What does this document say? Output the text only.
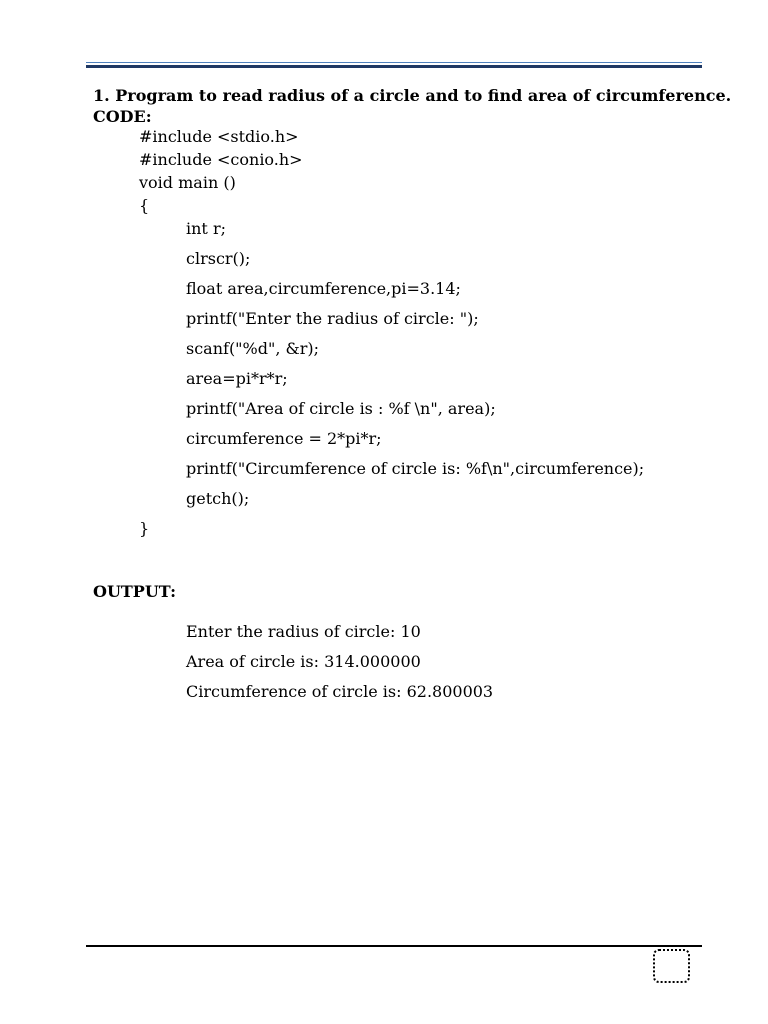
1. Program to read radius of a circle and to find area of circumference.
CODE:
#include <stdio.h>
#include <conio.h>
void main ()
{
int r;
clrscr();
float area,circumference,pi=3.14;
printf("Enter the radius of circle: ");
scanf("%d", &r);
area=pi*r*r;
printf("Area of circle is : %f \n", area);
circumference = 2*pi*r;
printf("Circumference of circle is: %f\n",circumference);
getch();
}
OUTPUT:
Enter the radius of circle: 10
Area of circle is: 314.000000
Circumference of circle is: 62.800003
